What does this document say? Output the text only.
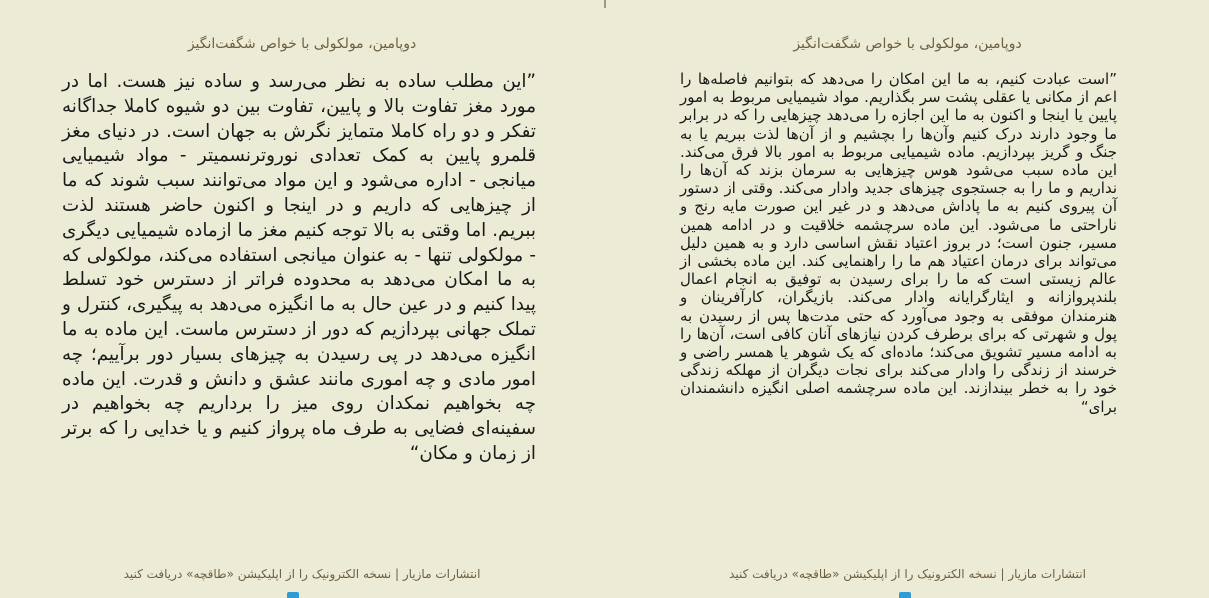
دوپامین، مولکولی با خواص شگفت‌انگیز

”این مطلب ساده به نظر می‌رسد و ساده نیز هست. اما در مورد مغز تفاوت بالا و پایین، تفاوت بین دو شیوه کاملا جداگانه تفکر و دو راه کاملا متمایز نگرش به جهان است. در دنیای مغز قلمرو پایین به کمک تعدادی نوروترنسمیتر - مواد شیمیایی میانجی - اداره می‌شود و این مواد می‌توانند سبب شوند که ما از چیزهایی که داریم و در اینجا و اکنون حاضر هستند لذت ببریم. اما وقتی به بالا توجه کنیم مغز ما ازماده شیمیایی دیگری - مولکولی تنها - به عنوان میانجی استفاده می‌کند، مولکولی که به ما امکان می‌دهد به محدوده فراتر از دسترس خود تسلط پیدا کنیم و در عین حال به ما انگیزه می‌دهد به پیگیری، کنترل و تملک جهانی بپردازیم که دور از دسترس ماست. این ماده به ما انگیزه می‌دهد در پی رسیدن به چیزهای بسیار دور برآییم؛ چه امور مادی و چه اموری مانند عشق و دانش و قدرت. این ماده چه بخواهیم نمکدان روی میز را برداریم چه بخواهیم در سفینه‌ای فضایی به طرف ماه پرواز کنیم و یا خدایی را که برتر از زمان و مکان“

انتشارات مازیار | نسخه الکترونیک را از اپلیکیشن «طاقچه» دریافت کنید
دوپامین، مولکولی با خواص شگفت‌انگیز

”است عبادت کنیم، به ما این امکان را می‌دهد که بتوانیم فاصله‌ها را اعم از مکانی یا عقلی پشت سر بگذاریم. مواد شیمیایی مربوط به امور پایین یا اینجا و اکنون به ما این اجازه را می‌دهد چیزهایی را که در برابر ما وجود دارند درک کنیم وآن‌ها را بچشیم و از آن‌ها لذت ببریم یا به جنگ و گریز بپردازیم. ماده شیمیایی مربوط به امور بالا فرق می‌کند. این ماده سبب می‌شود هوس چیزهایی به سرمان بزند که آن‌ها را نداریم و ما را به جستجوی چیزهای جدید وادار می‌کند. وقتی از دستور آن پیروی کنیم به ما پاداش می‌دهد و در غیر این صورت مایه رنج و ناراحتی ما می‌شود. این ماده سرچشمه خلاقیت و در ادامه همین مسیر، جنون است؛ در بروز اعتیاد نقش اساسی دارد و به همین دلیل می‌تواند برای درمان اعتیاد هم ما را راهنمایی کند. این ماده بخشی از عالم زیستی است که ما را برای رسیدن به توفیق به انجام اعمال بلندپروازانه و ایثارگرایانه وادار می‌کند. بازیگران، کارآفرینان و هنرمندان موفقی به وجود می‌آورد که حتی مدت‌ها پس از رسیدن به پول و شهرتی که برای برطرف کردن نیازهای آنان کافی است، آن‌ها را به ادامه مسیر تشویق می‌کند؛ ماده‌ای که یک شوهر یا همسر راضی و خرسند از زندگی را وادار می‌کند برای نجات دیگران از مهلکه زندگی خود را به خطر بیندازند. این ماده سرچشمه اصلی انگیزه دانشمندان برای“

انتشارات مازیار | نسخه الکترونیک را از اپلیکیشن «طاقچه» دریافت کنید
